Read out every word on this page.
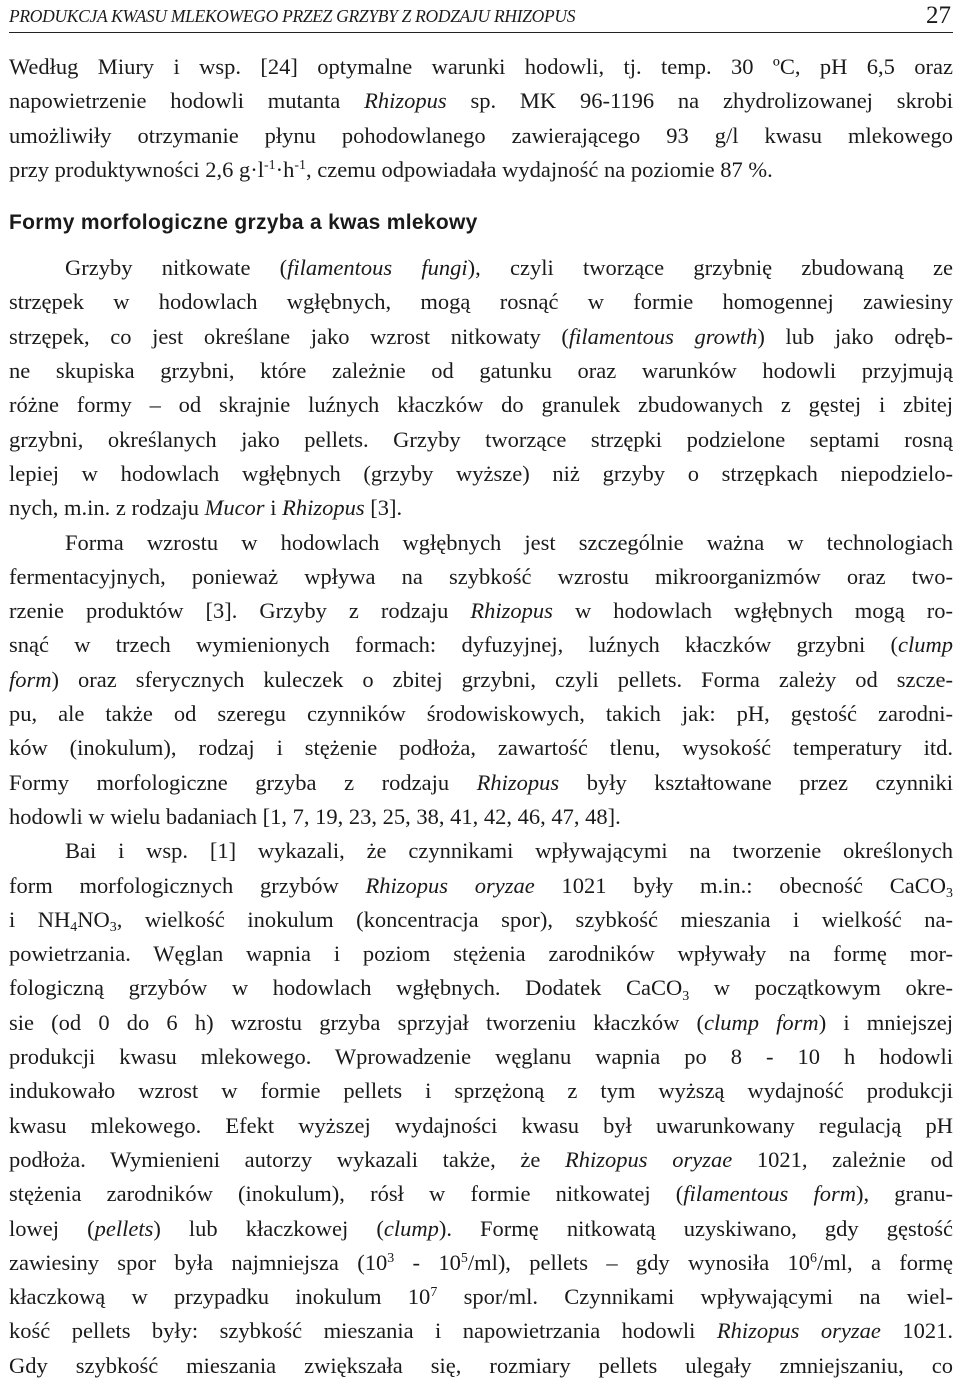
PRODUKCJA KWASU MLEKOWEGO PRZEZ GRZYBY Z RODZAJU RHIZOPUS	27
Według Miury i wsp. [24] optymalne warunki hodowli, tj. temp. 30 ºC, pH 6,5 oraz
napowietrzenie hodowli mutanta Rhizopus sp. MK 96-1196 na zhydrolizowanej skrobi
umożliwiły otrzymanie płynu pohodowlanego zawierającego 93 g/l kwasu mlekowego
przy produktywności 2,6 $g\cdot l^{-1}\cdot h^{-1}$, czemu odpowiadała wydajność na poziomie 87 %.
Formy morfologiczne grzyba a kwas mlekowy
Grzyby nitkowate (filamentous fungi), czyli tworzące grzybnię zbudowaną ze
strzępek w hodowlach wgłębnych, mogą rosnąć w formie homogennej zawiesiny
strzępek, co jest określane jako wzrost nitkowaty (filamentous growth) lub jako odręb-
ne skupiska grzybni, które zależnie od gatunku oraz warunków hodowli przyjmują
różne formy – od skrajnie luźnych kłaczków do granulek zbudowanych z gęstej i zbitej
grzybni, określanych jako pellets. Grzyby tworzące strzępki podzielone septami rosną
lepiej w hodowlach wgłębnych (grzyby wyższe) niż grzyby o strzępkach niepodzielo-
nych, m.in. z rodzaju Mucor i Rhizopus [3].
Forma wzrostu w hodowlach wgłębnych jest szczególnie ważna w technologiach
fermentacyjnych, ponieważ wpływa na szybkość wzrostu mikroorganizmów oraz two-
rzenie produktów [3]. Grzyby z rodzaju Rhizopus w hodowlach wgłębnych mogą ro-
snąć w trzech wymienionych formach: dyfuzyjnej, luźnych kłaczków grzybni (clump
form) oraz sferycznych kuleczek o zbitej grzybni, czyli pellets. Forma zależy od szcze-
pu, ale także od szeregu czynników środowiskowych, takich jak: pH, gęstość zarodni-
ków (inokulum), rodzaj i stężenie podłoża, zawartość tlenu, wysokość temperatury itd.
Formy morfologiczne grzyba z rodzaju Rhizopus były kształtowane przez czynniki
hodowli w wielu badaniach [1, 7, 19, 23, 25, 38, 41, 42, 46, 47, 48].
Bai i wsp. [1] wykazali, że czynnikami wpływającymi na tworzenie określonych
form morfologicznych grzybów Rhizopus oryzae 1021 były m.in.: obecność CaCO$_3$
i $NH_4NO_3$, wielkość inokulum (koncentracja spor), szybkość mieszania i wielkość na-
powietrzania. Węglan wapnia i poziom stężenia zarodników wpływały na formę mor-
fologiczną grzybów w hodowlach wgłębnych. Dodatek CaCO$_3$ w początkowym okre-
sie (od 0 do 6 h) wzrostu grzyba sprzyjał tworzeniu kłaczków (clump form) i mniejszej
produkcji kwasu mlekowego. Wprowadzenie węglanu wapnia po 8 - 10 h hodowli
indukowało wzrost w formie pellets i sprzężoną z tym wyższą wydajność produkcji
kwasu mlekowego. Efekt wyższej wydajności kwasu był uwarunkowany regulacją pH
podłoża. Wymienieni autorzy wykazali także, że Rhizopus oryzae 1021, zależnie od
stężenia zarodników (inokulum), rósł w formie nitkowatej (filamentous form), granu-
lowej (pellets) lub kłaczkowej (clump). Formę nitkowatą uzyskiwano, gdy gęstość
zawiesiny spor była najmniejsza $(10^3 - 10^5/ml)$, pellets – gdy wynosiła $10^6/ml$, a formę
kłaczkową w przypadku inokulum $10^7$ spor/ml. Czynnikami wpływającymi na wiel-
kość pellets były: szybkość mieszania i napowietrzania hodowli Rhizopus oryzae 1021.
Gdy szybkość mieszania zwiększała się, rozmiary pellets ulegały zmniejszaniu, co
